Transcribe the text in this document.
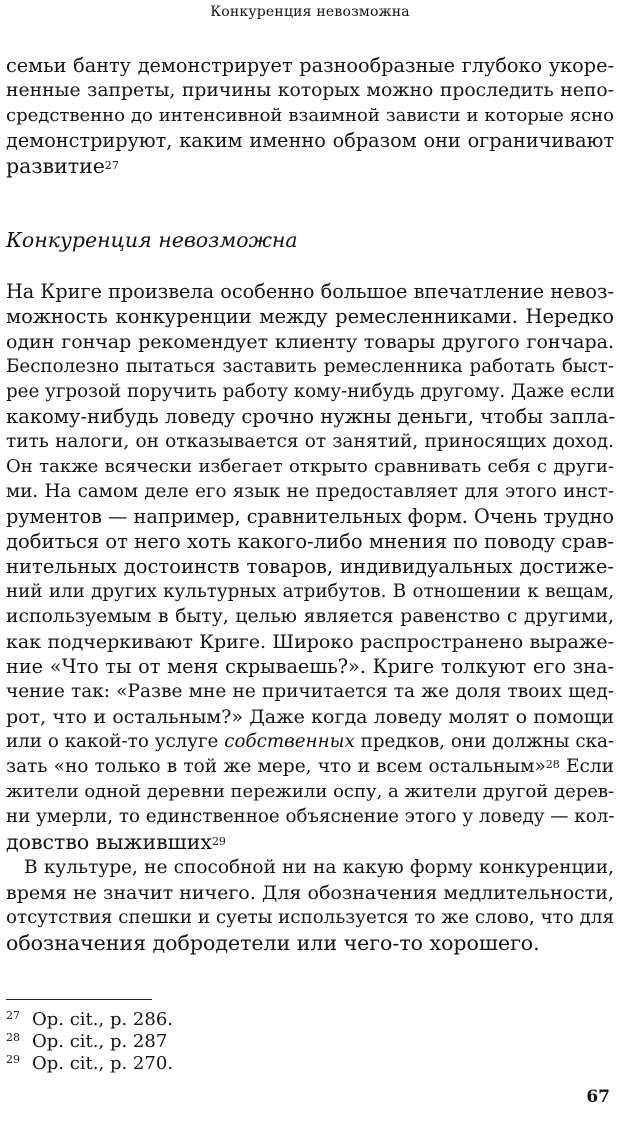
Конкуренция невозможна
семьи банту демонстрирует разнообразные глубоко укоре-
ненные запреты, причины которых можно проследить непо-
средственно до интенсивной взаимной зависти и которые ясно
демонстрируют, каким именно образом они ограничивают
развитие$^{27}$
Конкуренция невозможна
На Криге произвела особенно большое впечатление невоз-
можность конкуренции между ремесленниками. Нередко
один гончар рекомендует клиенту товары другого гончара.
Бесполезно пытаться заставить ремесленника работать быст-
рее угрозой поручить работу кому-нибудь другому. Даже если
какому-нибудь ловеду срочно нужны деньги, чтобы запла-
тить налоги, он отказывается от занятий, приносящих доход.
Он также всячески избегает открыто сравнивать себя с други-
ми. На самом деле его язык не предоставляет для этого инст-
рументов — например, сравнительных форм. Очень трудно
добиться от него хоть какого-либо мнения по поводу срав-
нительных достоинств товаров, индивидуальных достиже-
ний или других культурных атрибутов. В отношении к вещам,
используемым в быту, целью является равенство с другими,
как подчеркивают Криге. Широко распространено выраже-
ние «Что ты от меня скрываешь?». Криге толкуют его зна-
чение так: «Разве мне не причитается та же доля твоих щед-
рот, что и остальным?» Даже когда ловеду молят о помощи
или о какой-то услуге собственных предков, они должны ска-
зать «но только в той же мере, что и всем остальным»$^{28}$ Если
жители одной деревни пережили оспу, а жители другой дерев-
ни умерли, то единственное объяснение этого у ловеду — кол-
довство выживших$^{29}$
В культуре, не способной ни на какую форму конкуренции,
время не значит ничего. Для обозначения медлительности,
отсутствия спешки и суеты используется то же слово, что для
обозначения добродетели или чего-то хорошего.
27 Op. cit., p. 286.
28 Op. cit., p. 287
29 Op. cit., p. 270.
67
